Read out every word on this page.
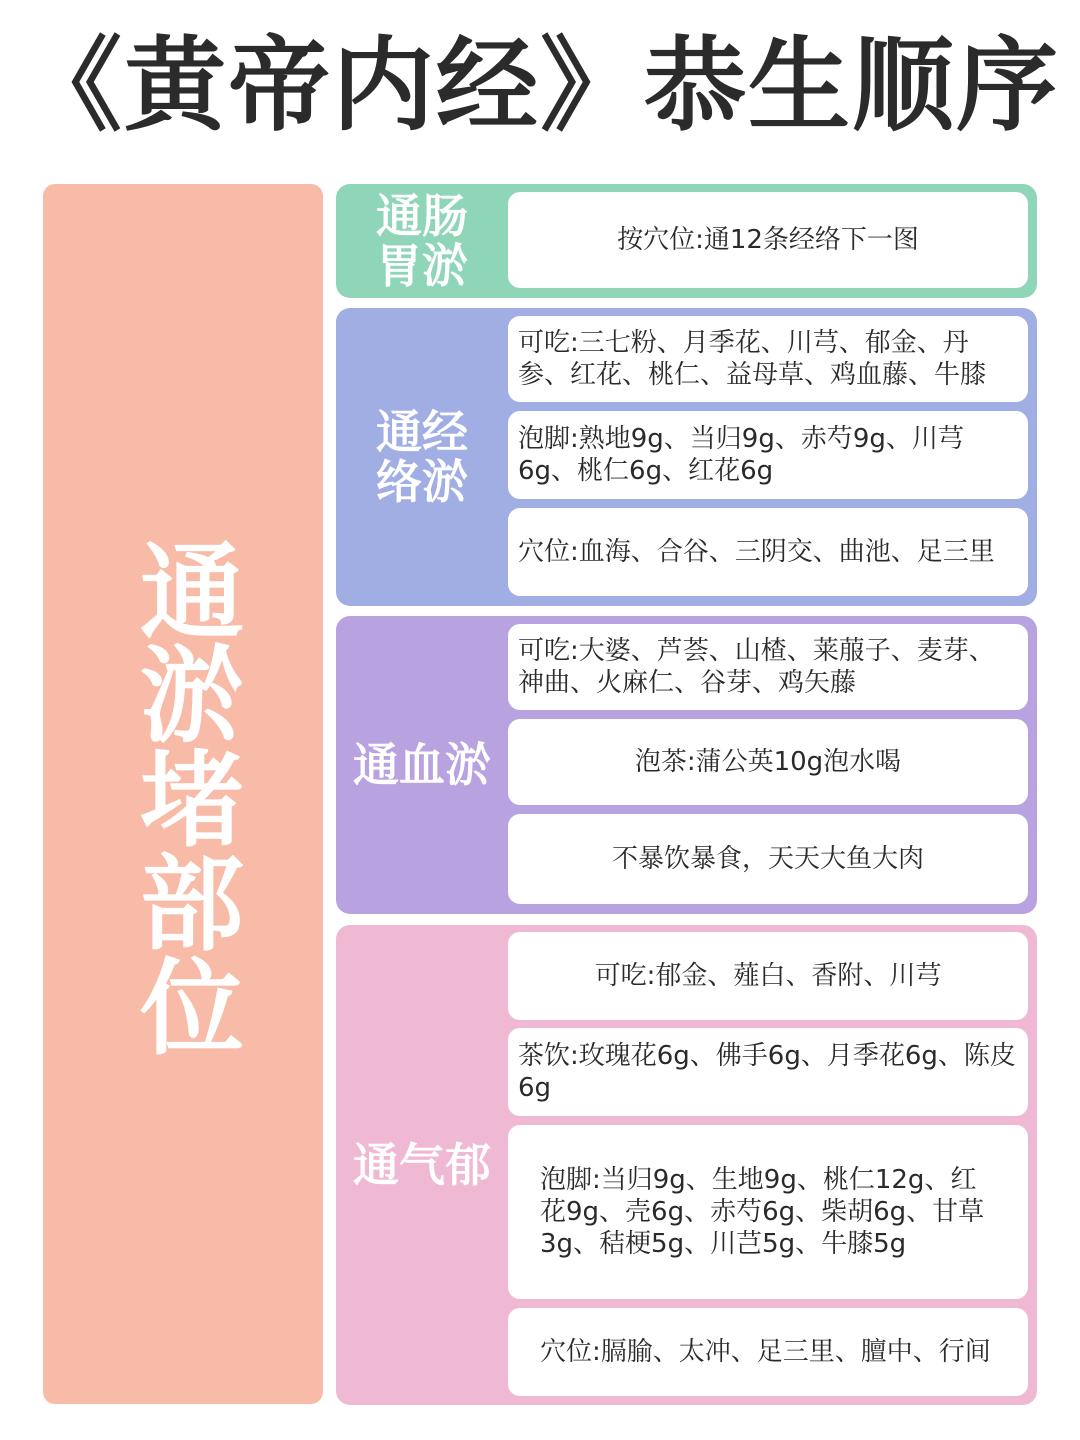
《黄帝内经》恭生顺序
通淤堵部位
通肠
胃淤	按穴位:通12条经络下一图
通经
络淤
可吃:三七粉、月季花、川芎、郁金、丹参、红花、桃仁、益母草、鸡血藤、牛膝
泡脚:熟地9g、当归9g、赤芍9g、川芎6g、桃仁6g、红花6g
穴位:血海、合谷、三阴交、曲池、足三里
通血淤
可吃:大婆、芦荟、山楂、莱菔子、麦芽、神曲、火麻仁、谷芽、鸡矢藤
泡茶:蒲公英10g泡水喝
不暴饮暴食，天天大鱼大肉
通气郁
可吃:郁金、薤白、香附、川芎
茶饮:玫瑰花6g、佛手6g、月季花6g、陈皮6g
泡脚:当归9g、生地9g、桃仁12g、红花9g、壳6g、赤芍6g、柴胡6g、甘草3g、秸梗5g、川芑5g、牛膝5g
穴位:膈腧、太冲、足三里、膻中、行间
